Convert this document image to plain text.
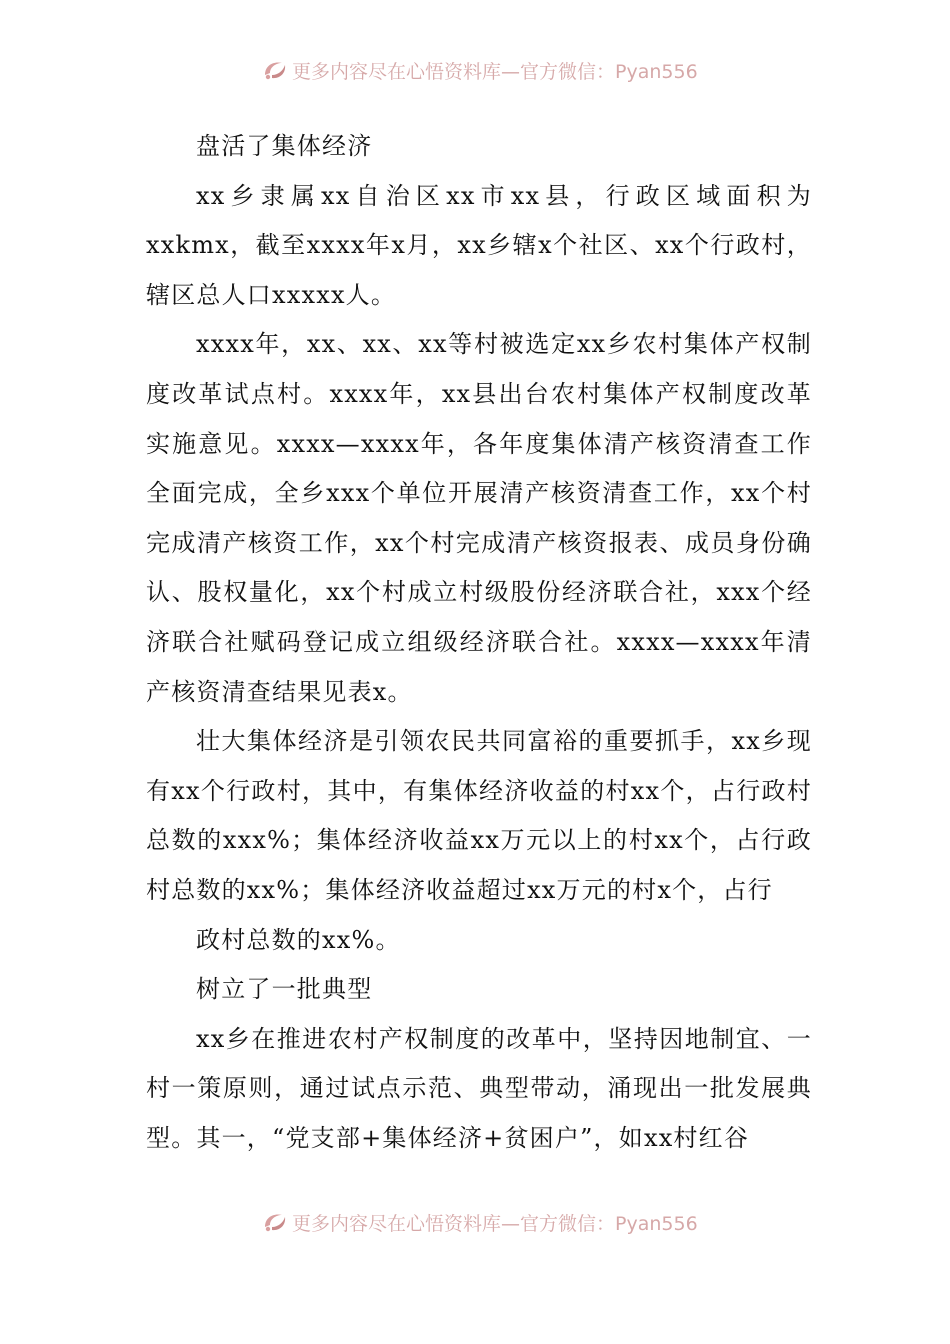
更多内容尽在心悟资料库—官方微信：Pyan556

盘活了集体经济

xx乡隶属xx自治区xx市xx县，行政区域面积为xxkmx，截至xxxx年x月，xx乡辖x个社区、xx个行政村，辖区总人口xxxxx人。

xxxx年，xx、xx、xx等村被选定xx乡农村集体产权制度改革试点村。xxxx年，xx县出台农村集体产权制度改革实施意见。xxxx—xxxx年，各年度集体清产核资清查工作全面完成，全乡xxx个单位开展清产核资清查工作，xx个村完成清产核资工作，xx个村完成清产核资报表、成员身份确认、股权量化，xx个村成立村级股份经济联合社，xxx个经济联合社赋码登记成立组级经济联合社。xxxx—xxxx年清产核资清查结果见表x。

壮大集体经济是引领农民共同富裕的重要抓手，xx乡现有xx个行政村，其中，有集体经济收益的村xx个，占行政村总数的xxx%；集体经济收益xx万元以上的村xx个，占行政村总数的xx%；集体经济收益超过xx万元的村x个，占行

政村总数的xx%。

树立了一批典型

xx乡在推进农村产权制度的改革中，坚持因地制宜、一村一策原则，通过试点示范、典型带动，涌现出一批发展典型。其一，“党支部+集体经济+贫困户”，如xx村红谷

更多内容尽在心悟资料库—官方微信：Pyan556
